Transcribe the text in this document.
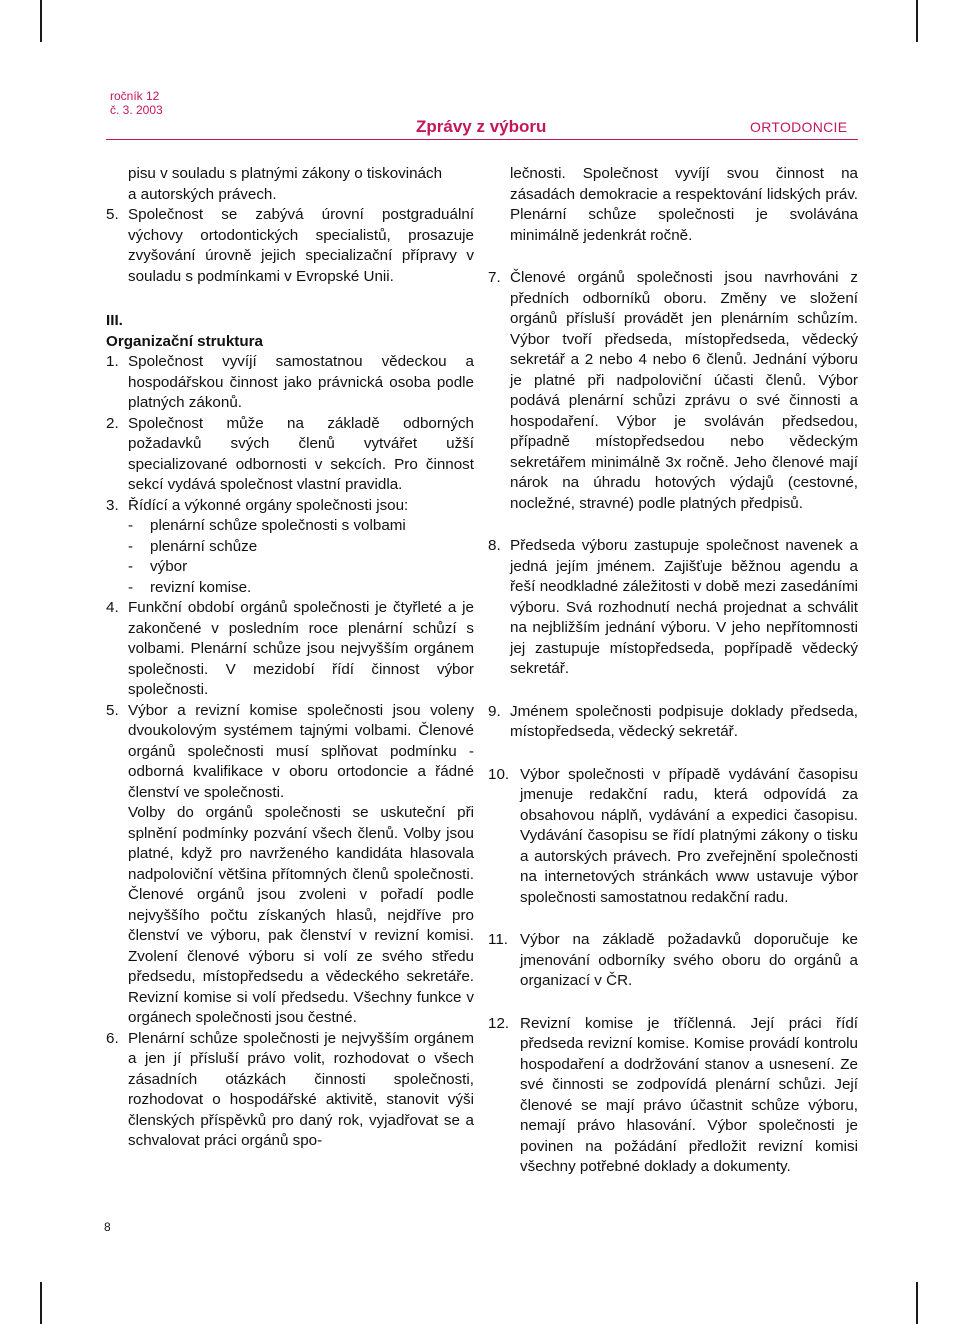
ročník 12
č. 3. 2003
Zprávy z výboru	ORTODONCIE
pisu v souladu s platnými zákony o tiskovinách
a autorských právech.
5. Společnost se zabývá úrovní postgraduální výchovy ortodontických specialistů, prosazuje zvyšování úrovně jejich specializační přípravy v souladu s podmínkami v Evropské Unii.
III.
Organizační struktura
1. Společnost vyvíjí samostatnou vědeckou a hospodářskou činnost jako právnická osoba podle platných zákonů.
2. Společnost může na základě odborných požadavků svých členů vytvářet užší specializované odbornosti v sekcích. Pro činnost sekcí vydává společnost vlastní pravidla.
3. Řídící a výkonné orgány společnosti jsou:
-	plenární schůze společnosti s volbami
-	plenární schůze
-	výbor
-	revizní komise.
4. Funkční období orgánů společnosti je čtyřleté a je zakončené v posledním roce plenární schůzí s volbami. Plenární schůze jsou nejvyšším orgánem společnosti. V mezidobí řídí činnost výbor společnosti.
5. Výbor a revizní komise společnosti jsou voleny dvoukolovým systémem tajnými volbami. Členové orgánů společnosti musí splňovat podmínku - odborná kvalifikace v oboru ortodoncie a řádné členství ve společnosti.
Volby do orgánů společnosti se uskuteční při splnění podmínky pozvání všech členů. Volby jsou platné, když pro navrženého kandidáta hlasovala nadpoloviční většina přítomných členů společnosti. Členové orgánů jsou zvoleni v pořadí podle nejvyššího počtu získaných hlasů, nejdříve pro členství ve výboru, pak členství v revizní komisi. Zvolení členové výboru si volí ze svého středu předsedu, místopředsedu a vědeckého sekretáře. Revizní komise si volí předsedu. Všechny funkce v orgánech společnosti jsou čestné.
6. Plenární schůze společnosti je nejvyšším orgánem a jen jí přísluší právo volit, rozhodovat o všech zásadních otázkách činnosti společnosti, rozhodovat o hospodářské aktivitě, stanovit výši členských příspěvků pro daný rok, vyjadřovat se a schvalovat práci orgánů spo-
lečnosti. Společnost vyvíjí svou činnost na zásadách demokracie a respektování lidských práv. Plenární schůze společnosti je svolávána minimálně jedenkrát ročně.
7. Členové orgánů společnosti jsou navrhováni z předních odborníků oboru. Změny ve složení orgánů přísluší provádět jen plenárním schůzím. Výbor tvoří předseda, místopředseda, vědecký sekretář a 2 nebo 4 nebo 6 členů. Jednání výboru je platné při nadpoloviční účasti členů. Výbor podává plenární schůzi zprávu o své činnosti a hospodaření. Výbor je svoláván předsedou, případně místopředsedou nebo vědeckým sekretářem minimálně 3x ročně. Jeho členové mají nárok na úhradu hotových výdajů (cestovné, nocležné, stravné) podle platných předpisů.
8. Předseda výboru zastupuje společnost navenek a jedná jejím jménem. Zajišťuje běžnou agendu a řeší neodkladné záležitosti v době mezi zasedáními výboru. Svá rozhodnutí nechá projednat a schválit na nejbližším jednání výboru. V jeho nepřítomnosti jej zastupuje místopředseda, popřípadě vědecký sekretář.
9. Jménem společnosti podpisuje doklady předseda, místopředseda, vědecký sekretář.
10. Výbor společnosti v případě vydávání časopisu jmenuje redakční radu, která odpovídá za obsahovou náplň, vydávání a expedici časopisu. Vydávání časopisu se řídí platnými zákony o tisku a autorských právech. Pro zveřejnění společnosti na internetových stránkách www ustavuje výbor společnosti samostatnou redakční radu.
11. Výbor na základě požadavků doporučuje ke jmenování odborníky svého oboru do orgánů a organizací v ČR.
12. Revizní komise je tříčlenná. Její práci řídí předseda revizní komise. Komise provádí kontrolu hospodaření a dodržování stanov a usnesení. Ze své činnosti se zodpovídá plenární schůzi. Její členové se mají právo účastnit schůze výboru, nemají právo hlasování. Výbor společnosti je povinen na požádání předložit revizní komisi všechny potřebné doklady a dokumenty.
8
